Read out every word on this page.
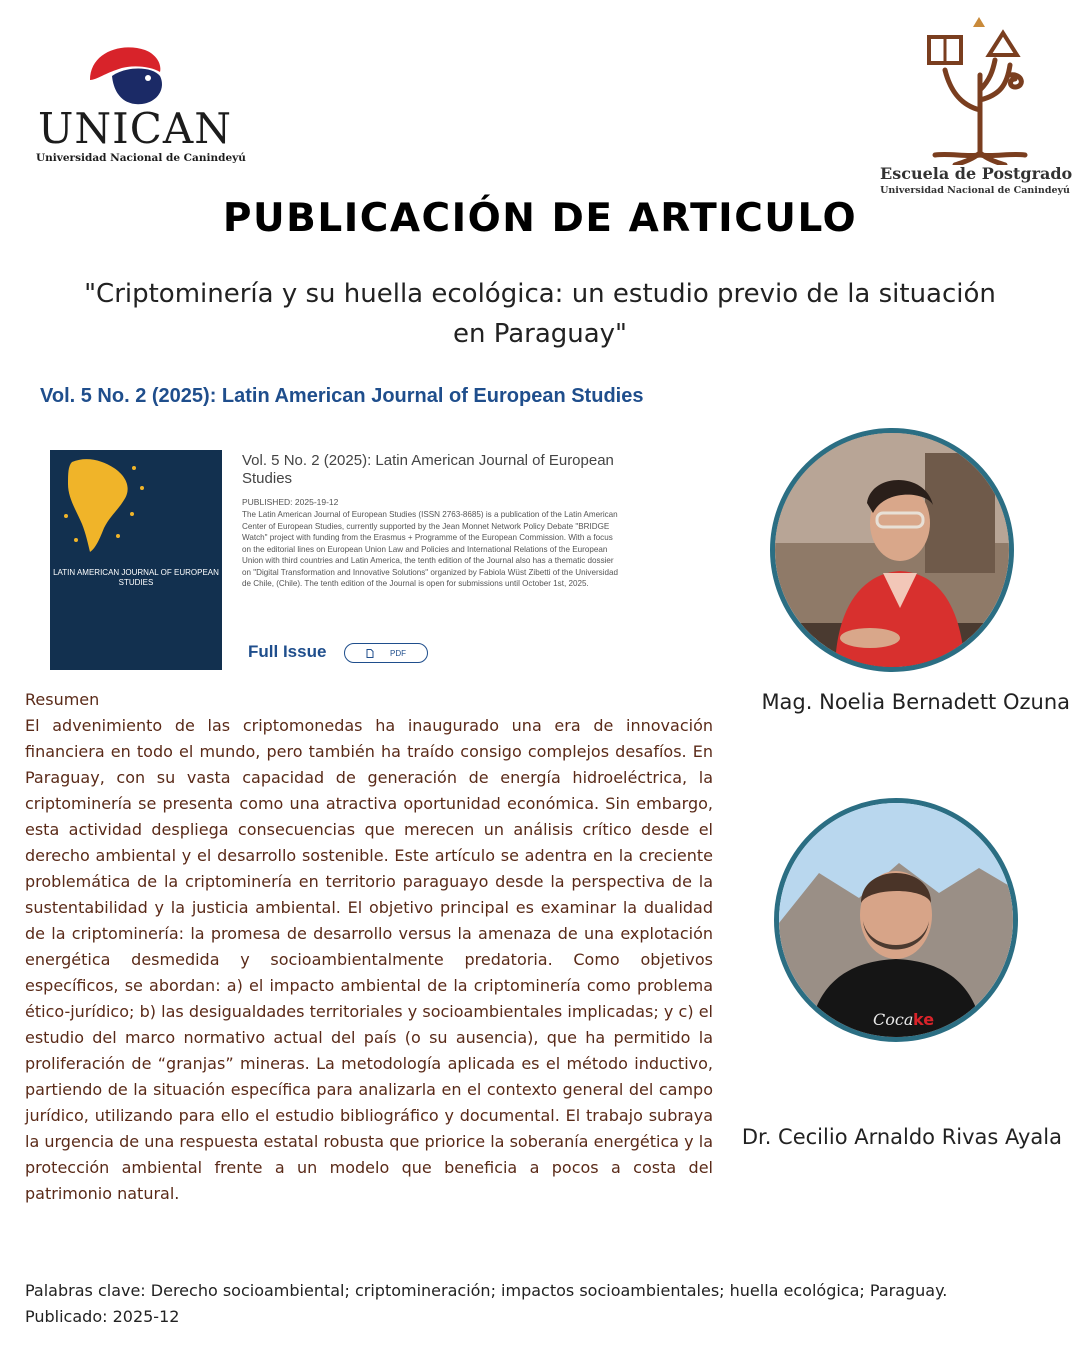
UNICAN
Universidad Nacional de Canindeyú
Escuela de Postgrado
Universidad Nacional de Canindeyú
PUBLICACIÓN DE ARTICULO
"Criptominería y su huella ecológica: un estudio previo de la situación en Paraguay"
Vol. 5 No. 2 (2025): Latin American Journal of European Studies
LATIN AMERICAN JOURNAL OF EUROPEAN STUDIES
Vol. 5 No. 2 (2025): Latin American Journal of European Studies
PUBLISHED: 2025-19-12
The Latin American Journal of European Studies (ISSN 2763-8685) is a publication of the Latin American Center of European Studies, currently supported by the Jean Monnet Network Policy Debate "BRIDGE Watch" project with funding from the Erasmus + Programme of the European Commission. With a focus on the editorial lines on European Union Law and Policies and International Relations of the European Union with third countries and Latin America, the tenth edition of the Journal also has a thematic dossier on "Digital Transformation and Innovative Solutions" organized by Fabiola Wüst Zibetti of the Universidad de Chile, (Chile). The tenth edition of the Journal is open for submissions until October 1st, 2025.
Full Issue	PDF
Mag. Noelia Bernadett Ozuna
Coca ke
Dr. Cecilio Arnaldo Rivas Ayala
Resumen
El advenimiento de las criptomonedas ha inaugurado una era de innovación financiera en todo el mundo, pero también ha traído consigo complejos desafíos. En Paraguay, con su vasta capacidad de generación de energía hidroeléctrica, la criptominería se presenta como una atractiva oportunidad económica. Sin embargo, esta actividad despliega consecuencias que merecen un análisis crítico desde el derecho ambiental y el desarrollo sostenible. Este artículo se adentra en la creciente problemática de la criptominería en territorio paraguayo desde la perspectiva de la sustentabilidad y la justicia ambiental. El objetivo principal es examinar la dualidad de la criptominería: la promesa de desarrollo versus la amenaza de una explotación energética desmedida y socioambientalmente predatoria. Como objetivos específicos, se abordan: a) el impacto ambiental de la criptominería como problema ético-jurídico; b) las desigualdades territoriales y socioambientales implicadas; y c) el estudio del marco normativo actual del país (o su ausencia), que ha permitido la proliferación de “granjas” mineras. La metodología aplicada es el método inductivo, partiendo de la situación específica para analizarla en el contexto general del campo jurídico, utilizando para ello el estudio bibliográfico y documental. El trabajo subraya la urgencia de una respuesta estatal robusta que priorice la soberanía energética y la protección ambiental frente a un modelo que beneficia a pocos a costa del patrimonio natural.
Palabras clave: Derecho socioambiental; criptomineración; impactos socioambientales; huella ecológica; Paraguay.
Publicado: 2025-12
